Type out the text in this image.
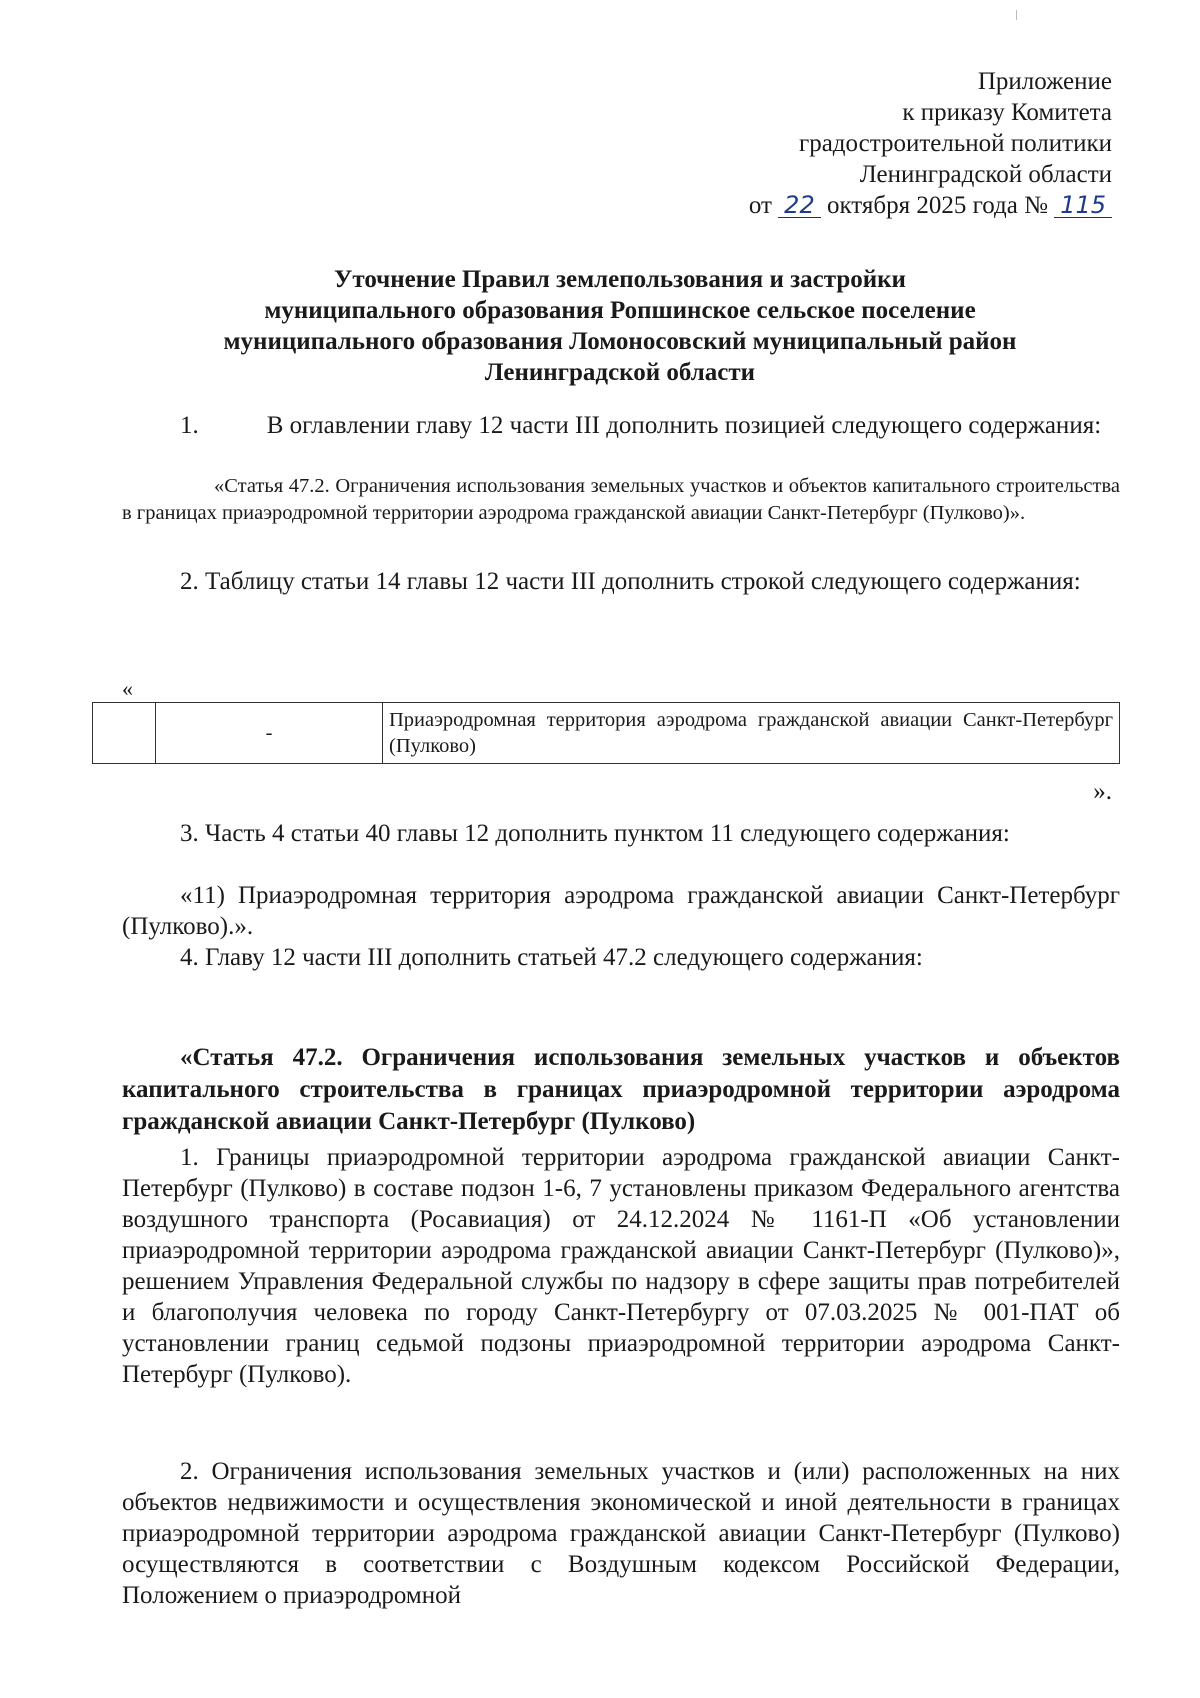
Приложение
к приказу Комитета
градостроительной политики
Ленинградской области
от 22 октября 2025 года № 115
Уточнение Правил землепользования и застройки
муниципального образования Ропшинское сельское поселение
муниципального образования Ломоносовский муниципальный район
Ленинградской области
1.	В оглавлении главу 12 части III дополнить позицией следующего содержания:
«Статья 47.2. Ограничения использования земельных участков и объектов капитального строительства в границах приаэродромной территории аэродрома гражданской авиации Санкт-Петербург (Пулково)».
2. Таблицу статьи 14 главы 12 части III дополнить строкой следующего содержания:
«
	-	Приаэродромная территория аэродрома гражданской авиации Санкт-Петербург (Пулково)
».
3. Часть 4 статьи 40 главы 12 дополнить пунктом 11 следующего содержания:
«11) Приаэродромная территория аэродрома гражданской авиации Санкт-Петербург (Пулково).».
4. Главу 12 части III дополнить статьей 47.2 следующего содержания:
«Статья 47.2. Ограничения использования земельных участков и объектов капитального строительства в границах приаэродромной территории аэродрома гражданской авиации Санкт-Петербург (Пулково)
1. Границы приаэродромной территории аэродрома гражданской авиации Санкт-Петербург (Пулково) в составе подзон 1-6, 7 установлены приказом Федерального агентства воздушного транспорта (Росавиация) от 24.12.2024 № 1161-П «Об установлении приаэродромной территории аэродрома гражданской авиации Санкт-Петербург (Пулково)», решением Управления Федеральной службы по надзору в сфере защиты прав потребителей и благополучия человека по городу Санкт-Петербургу от 07.03.2025 № 001-ПАТ об установлении границ седьмой подзоны приаэродромной территории аэродрома Санкт-Петербург (Пулково).
2. Ограничения использования земельных участков и (или) расположенных на них объектов недвижимости и осуществления экономической и иной деятельности в границах приаэродромной территории аэродрома гражданской авиации Санкт-Петербург (Пулково) осуществляются в соответствии с Воздушным кодексом Российской Федерации, Положением о приаэродромной
